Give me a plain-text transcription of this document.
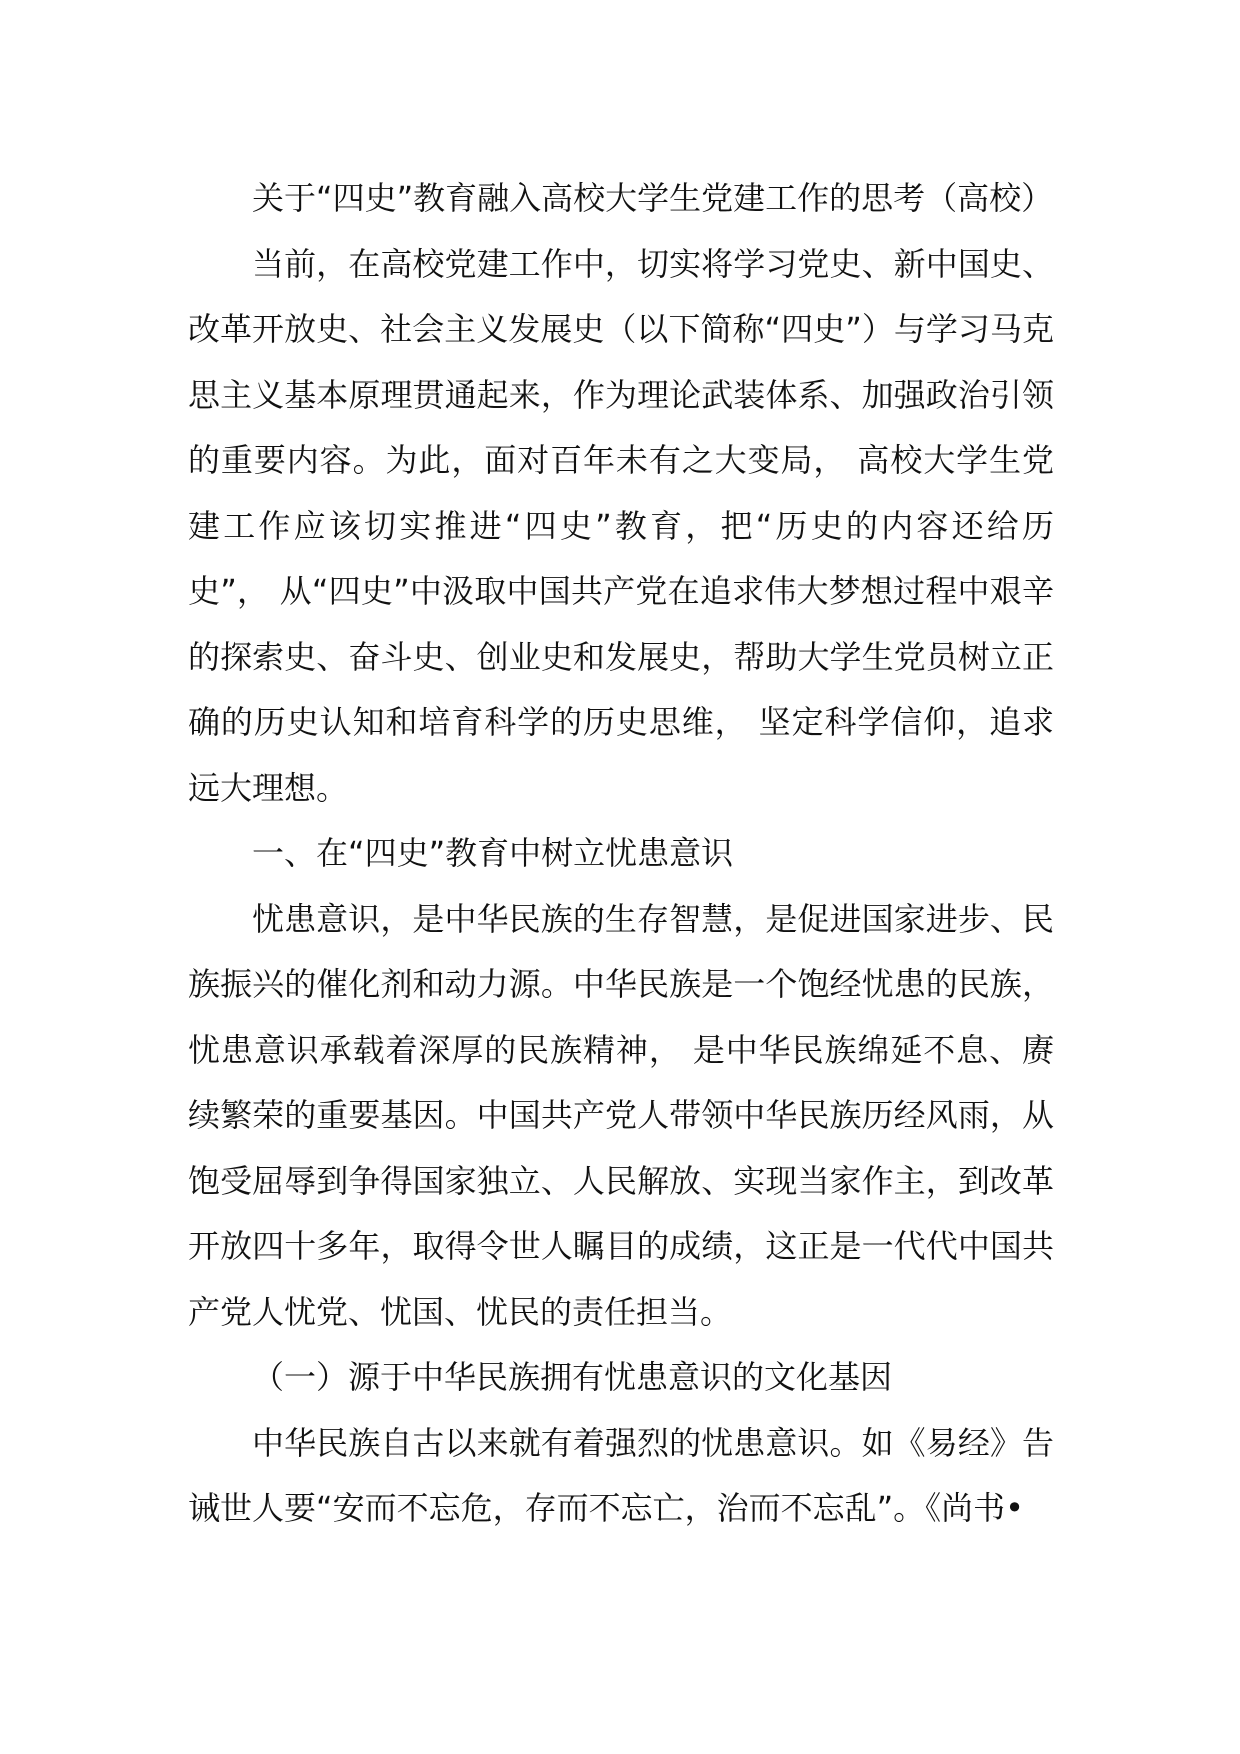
关于“四史”教育融入高校大学生党建工作的思考（高校）

当前，在高校党建工作中，切实将学习党史、新中国史、改革开放史、社会主义发展史（以下简称“四史”）与学习马克思主义基本原理贯通起来，作为理论武装体系、加强政治引领的重要内容。为此，面对百年未有之大变局， 高校大学生党建工作应该切实推进“四史”教育，把“历史的内容还给历史”， 从“四史”中汲取中国共产党在追求伟大梦想过程中艰辛的探索史、奋斗史、创业史和发展史，帮助大学生党员树立正确的历史认知和培育科学的历史思维， 坚定科学信仰，追求远大理想。

一、在“四史”教育中树立忧患意识

忧患意识，是中华民族的生存智慧，是促进国家进步、民族振兴的催化剂和动力源。中华民族是一个饱经忧患的民族，忧患意识承载着深厚的民族精神， 是中华民族绵延不息、赓续繁荣的重要基因。中国共产党人带领中华民族历经风雨，从饱受屈辱到争得国家独立、人民解放、实现当家作主，到改革开放四十多年，取得令世人瞩目的成绩，这正是一代代中国共产党人忧党、忧国、忧民的责任担当。

（一）源于中华民族拥有忧患意识的文化基因

中华民族自古以来就有着强烈的忧患意识。如《易经》告诫世人要“安而不忘危，存而不忘亡，治而不忘乱”。《尚书•
